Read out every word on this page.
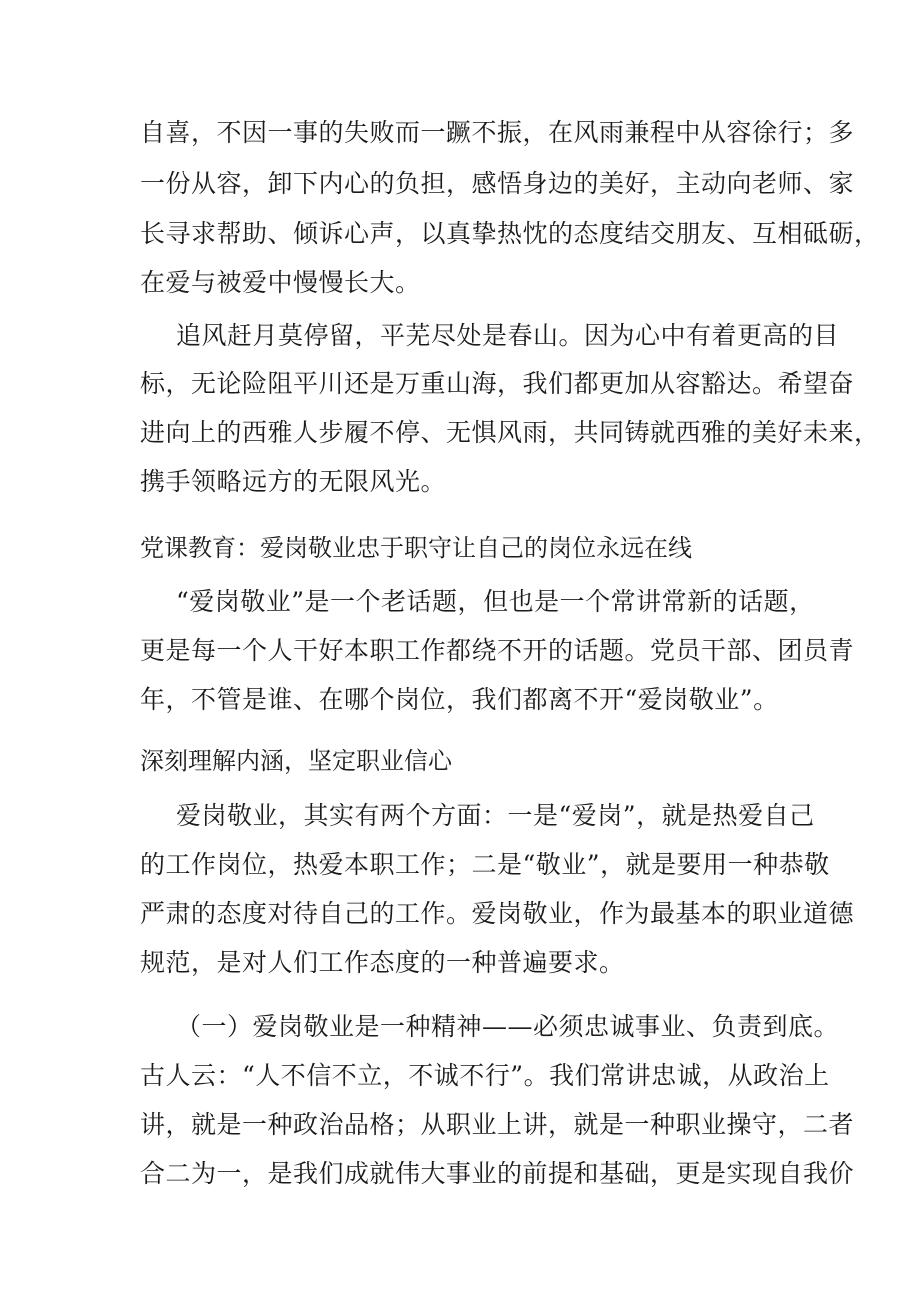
自喜，不因一事的失败而一蹶不振，在风雨兼程中从容徐行；多
一份从容，卸下内心的负担，感悟身边的美好，主动向老师、家
长寻求帮助、倾诉心声，以真挚热忱的态度结交朋友、互相砥砺，
在爱与被爱中慢慢长大。
追风赶月莫停留，平芜尽处是春山。因为心中有着更高的目
标，无论险阻平川还是万重山海，我们都更加从容豁达。希望奋
进向上的西雅人步履不停、无惧风雨，共同铸就西雅的美好未来，
携手领略远方的无限风光。
党课教育：爱岗敬业忠于职守让自己的岗位永远在线
“爱岗敬业”是一个老话题，但也是一个常讲常新的话题，
更是每一个人干好本职工作都绕不开的话题。党员干部、团员青
年，不管是谁、在哪个岗位，我们都离不开“爱岗敬业”。
深刻理解内涵，坚定职业信心
爱岗敬业，其实有两个方面：一是“爱岗”，就是热爱自己
的工作岗位，热爱本职工作；二是“敬业”，就是要用一种恭敬
严肃的态度对待自己的工作。爱岗敬业，作为最基本的职业道德
规范，是对人们工作态度的一种普遍要求。
（一）爱岗敬业是一种精神——必须忠诚事业、负责到底。
古人云：“人不信不立，不诚不行”。我们常讲忠诚，从政治上
讲，就是一种政治品格；从职业上讲，就是一种职业操守，二者
合二为一，是我们成就伟大事业的前提和基础，更是实现自我价
